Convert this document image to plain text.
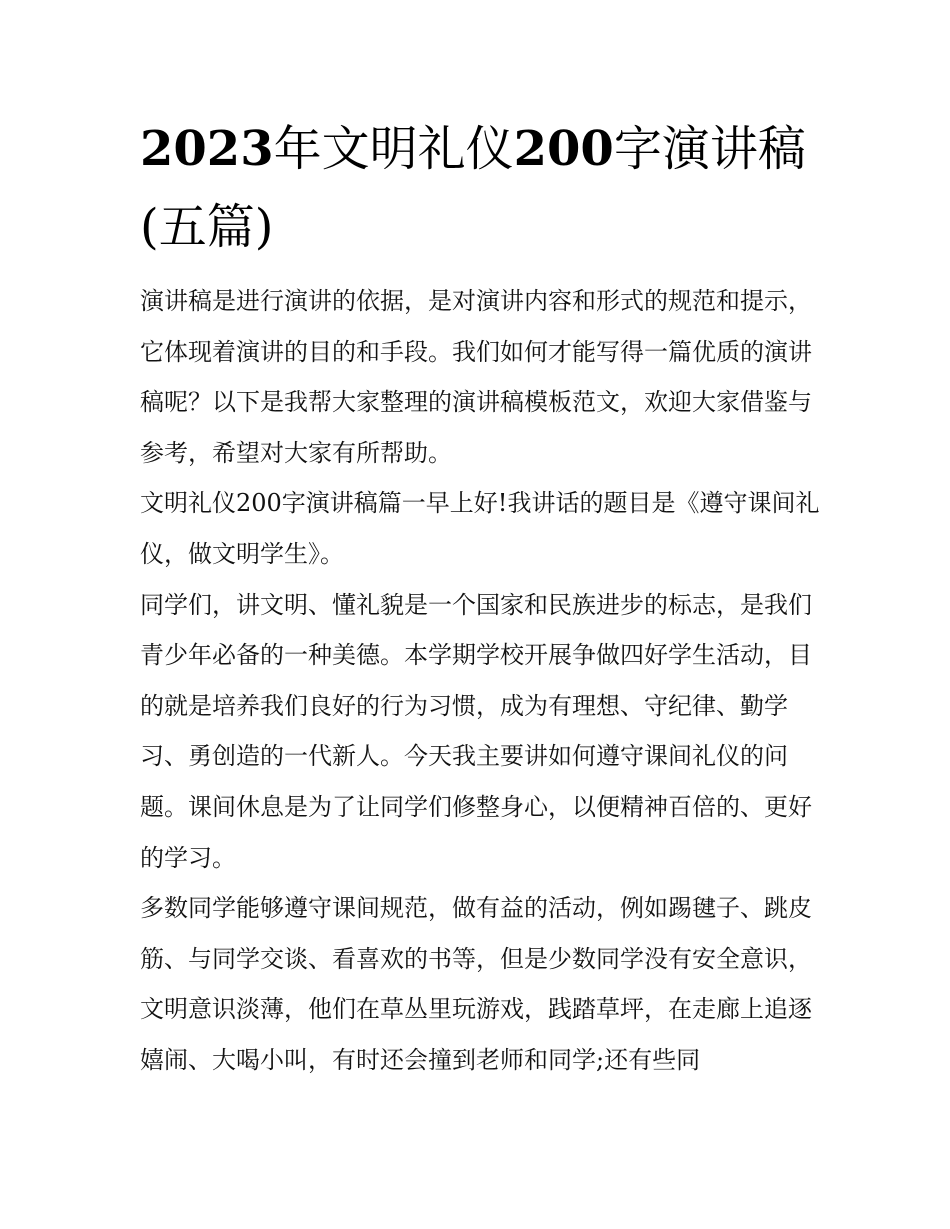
2023年文明礼仪200字演讲稿
(五篇)

演讲稿是进行演讲的依据，是对演讲内容和形式的规范和提示，它体现着演讲的目的和手段。我们如何才能写得一篇优质的演讲稿呢？以下是我帮大家整理的演讲稿模板范文，欢迎大家借鉴与参考，希望对大家有所帮助。

文明礼仪200字演讲稿篇一早上好!我讲话的题目是《遵守课间礼仪，做文明学生》。

同学们，讲文明、懂礼貌是一个国家和民族进步的标志，是我们青少年必备的一种美德。本学期学校开展争做四好学生活动，目的就是培养我们良好的行为习惯，成为有理想、守纪律、勤学习、勇创造的一代新人。今天我主要讲如何遵守课间礼仪的问题。课间休息是为了让同学们修整身心，以便精神百倍的、更好的学习。

多数同学能够遵守课间规范，做有益的活动，例如踢毽子、跳皮筋、与同学交谈、看喜欢的书等，但是少数同学没有安全意识，文明意识淡薄，他们在草丛里玩游戏，践踏草坪，在走廊上追逐嬉闹、大喝小叫，有时还会撞到老师和同学;还有些同
